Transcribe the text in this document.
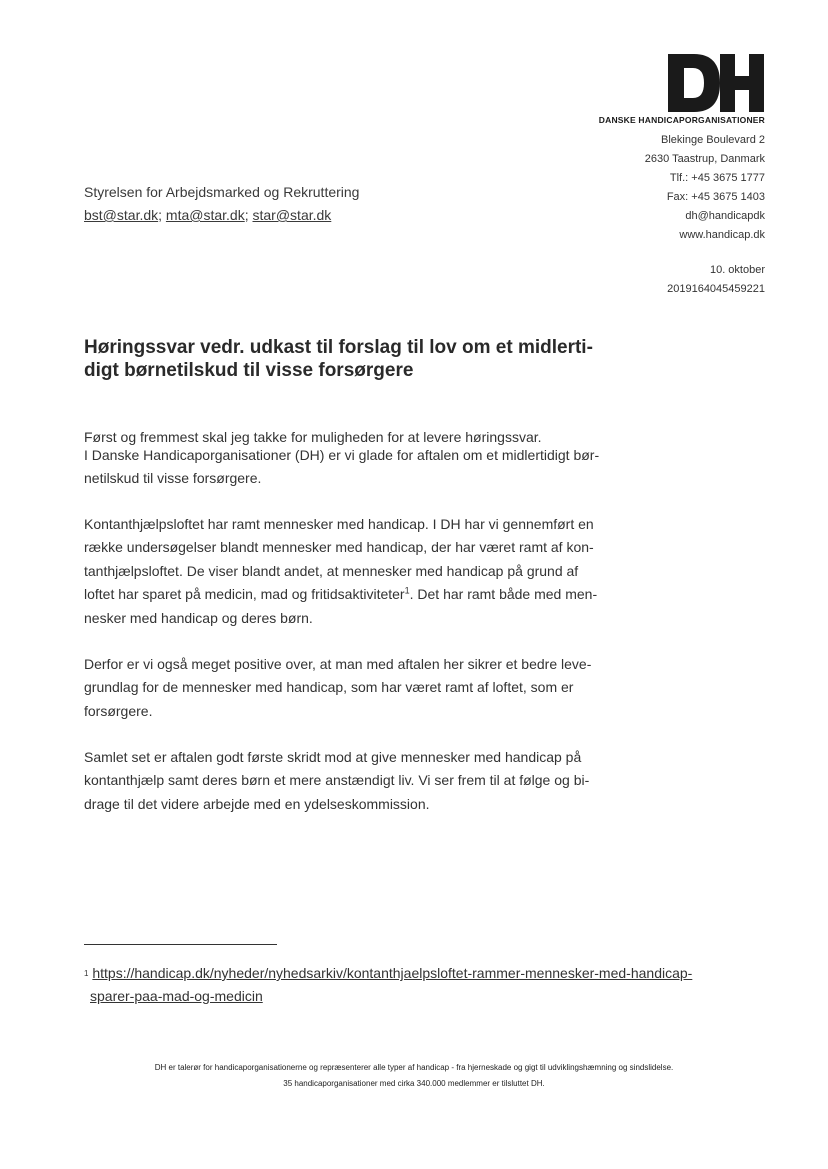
DANSKE HANDICAPORGANISATIONER
Blekinge Boulevard 2
2630 Taastrup, Danmark
Tlf.: +45 3675 1777
Fax: +45 3675 1403
dh@handicapdk
www.handicap.dk
10. oktober
2019164045459221
Styrelsen for Arbejdsmarked og Rekruttering
bst@star.dk; mta@star.dk; star@star.dk
Høringssvar vedr. udkast til forslag til lov om et midlerti-
digt børnetilskud til visse forsørgere
Først og fremmest skal jeg takke for muligheden for at levere høringssvar.
I Danske Handicaporganisationer (DH) er vi glade for aftalen om et midlertidigt bør-
netilskud til visse forsørgere.
Kontanthjælpsloftet har ramt mennesker med handicap. I DH har vi gennemført en
række undersøgelser blandt mennesker med handicap, der har været ramt af kon-
tanthjælpsloftet. De viser blandt andet, at mennesker med handicap på grund af
loftet har sparet på medicin, mad og fritidsaktiviteter$^1$. Det har ramt både med men-
nesker med handicap og deres børn.
Derfor er vi også meget positive over, at man med aftalen her sikrer et bedre leve-
grundlag for de mennesker med handicap, som har været ramt af loftet, som er
forsørgere.
Samlet set er aftalen godt første skridt mod at give mennesker med handicap på
kontanthjælp samt deres børn et mere anstændigt liv. Vi ser frem til at følge og bi-
drage til det videre arbejde med en ydelseskommission.
$^1$ https://handicap.dk/nyheder/nyhedsarkiv/kontanthjaelpsloftet-rammer-mennesker-med-handicap-
sparer-paa-mad-og-medicin
DH er talerør for handicaporganisationerne og repræsenterer alle typer af handicap - fra hjerneskade og gigt til udviklingshæmning og sindslidelse.
35 handicaporganisationer med cirka 340.000 medlemmer er tilsluttet DH.
